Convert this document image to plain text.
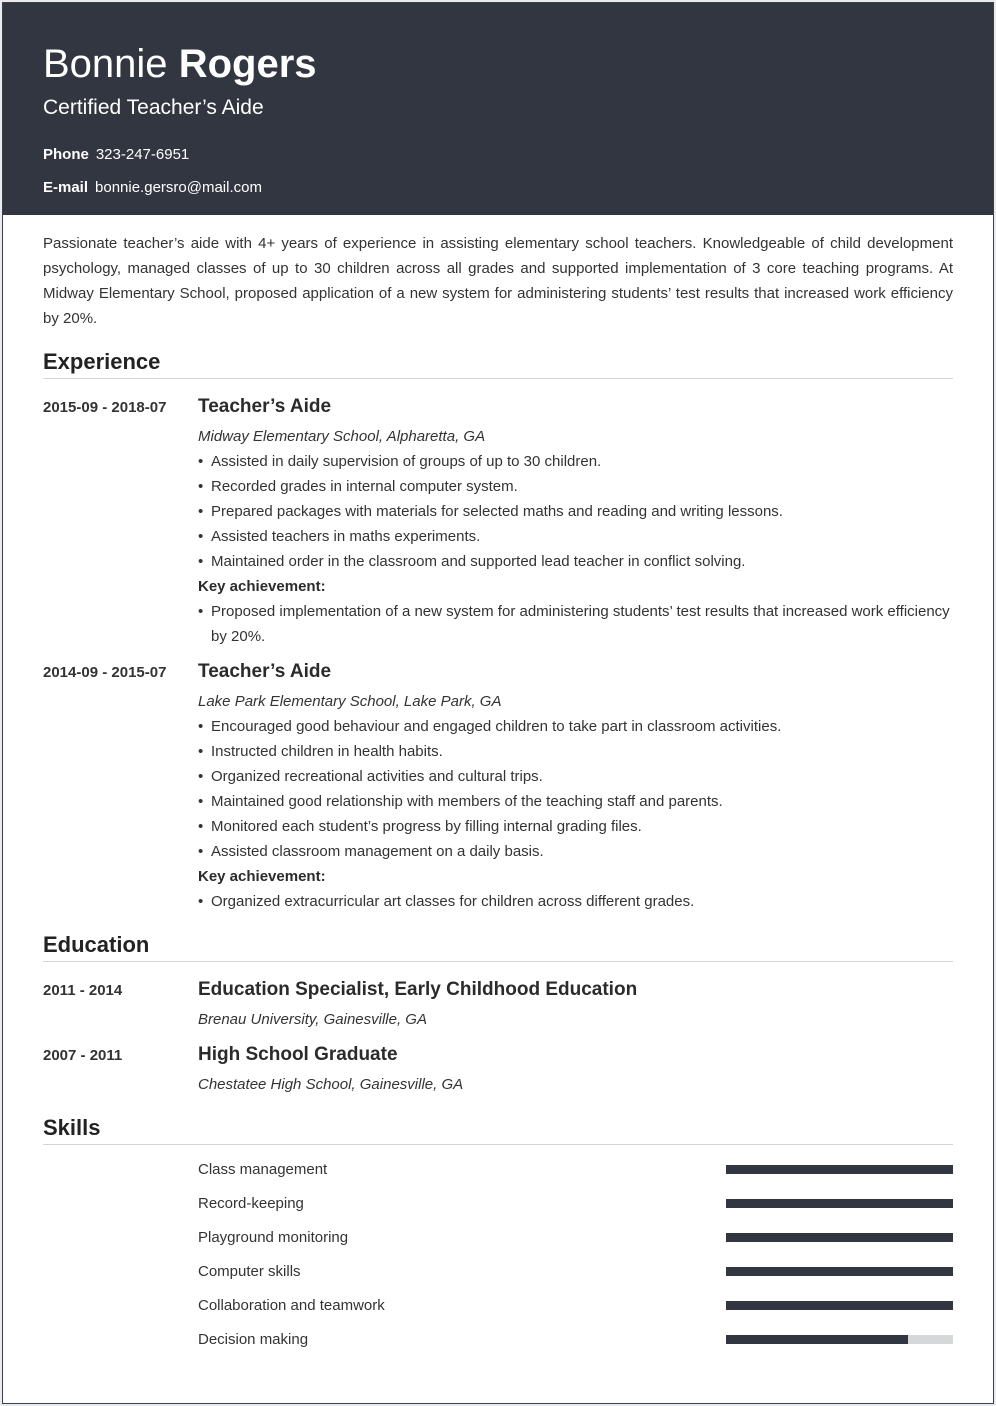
Bonnie Rogers
Certified Teacher’s Aide
Phone 323-247-6951
E-mail bonnie.gersro@mail.com
Passionate teacher’s aide with 4+ years of experience in assisting elementary school teachers. Knowledgeable of child development psychology, managed classes of up to 30 children across all grades and supported implementation of 3 core teaching programs. At Midway Elementary School, proposed application of a new system for administering students’ test results that increased work efficiency by 20%.
Experience
2015-09 - 2018-07 Teacher’s Aide
Midway Elementary School, Alpharetta, GA
• Assisted in daily supervision of groups of up to 30 children.
• Recorded grades in internal computer system.
• Prepared packages with materials for selected maths and reading and writing lessons.
• Assisted teachers in maths experiments.
• Maintained order in the classroom and supported lead teacher in conflict solving.
Key achievement:
• Proposed implementation of a new system for administering students’ test results that increased work efficiency by 20%.
2014-09 - 2015-07 Teacher’s Aide
Lake Park Elementary School, Lake Park, GA
• Encouraged good behaviour and engaged children to take part in classroom activities.
• Instructed children in health habits.
• Organized recreational activities and cultural trips.
• Maintained good relationship with members of the teaching staff and parents.
• Monitored each student’s progress by filling internal grading files.
• Assisted classroom management on a daily basis.
Key achievement:
• Organized extracurricular art classes for children across different grades.
Education
2011 - 2014	Education Specialist, Early Childhood Education
Brenau University, Gainesville, GA
2007 - 2011	High School Graduate
Chestatee High School, Gainesville, GA
Skills
Class management
Record-keeping
Playground monitoring
Computer skills
Collaboration and teamwork
Decision making
